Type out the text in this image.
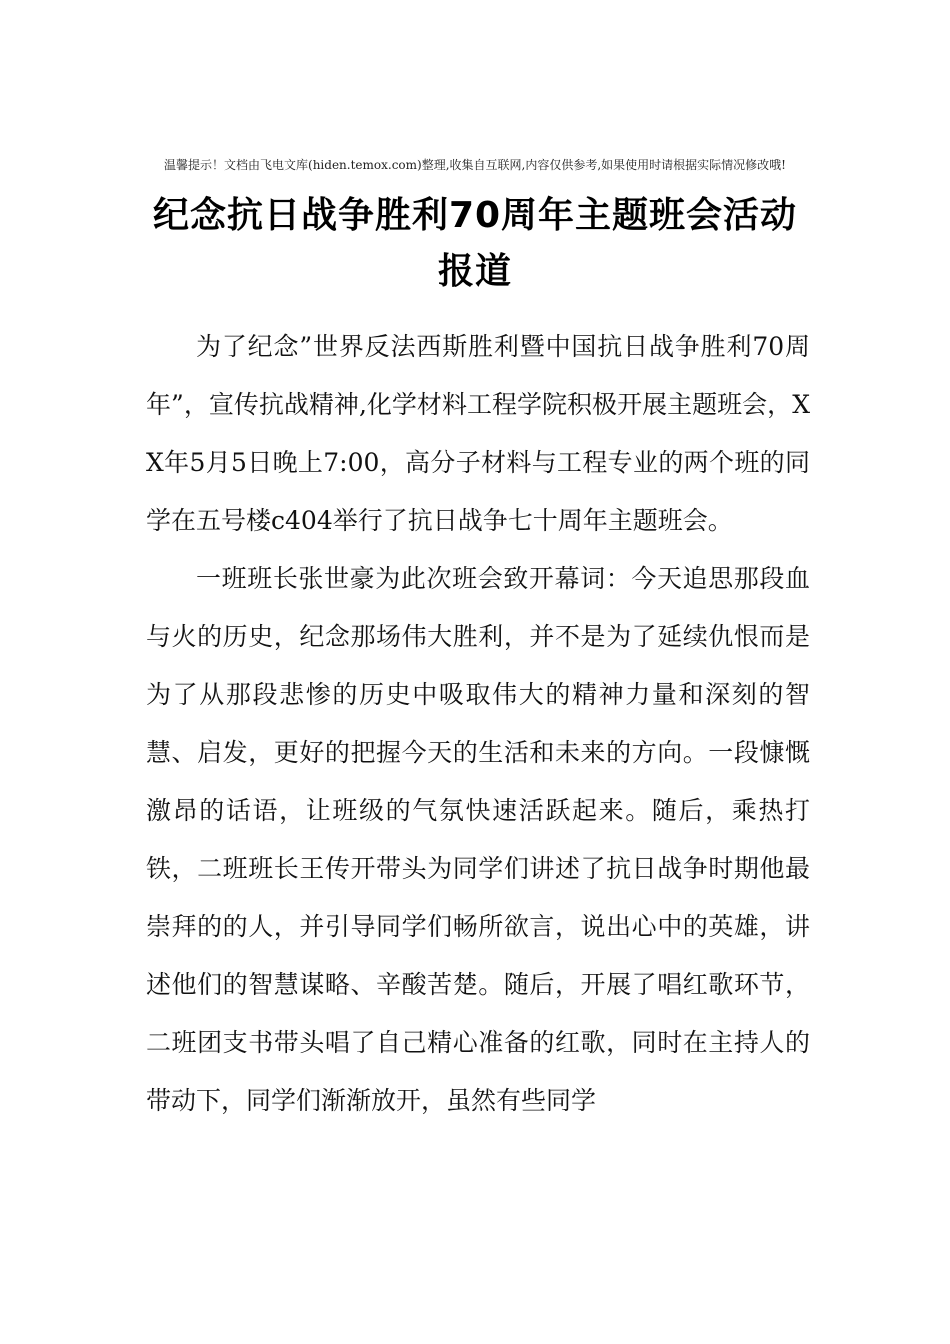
温馨提示！文档由飞电文库(hiden.temox.com)整理,收集自互联网,内容仅供参考,如果使用时请根据实际情况修改哦!
纪念抗日战争胜利70周年主题班会活动报道

为了纪念”世界反法西斯胜利暨中国抗日战争胜利70周年”，宣传抗战精神,化学材料工程学院积极开展主题班会，XX年5月5日晚上7:00，高分子材料与工程专业的两个班的同学在五号楼c404举行了抗日战争七十周年主题班会。

一班班长张世豪为此次班会致开幕词：今天追思那段血与火的历史，纪念那场伟大胜利，并不是为了延续仇恨而是为了从那段悲惨的历史中吸取伟大的精神力量和深刻的智慧、启发，更好的把握今天的生活和未来的方向。一段慷慨激昂的话语，让班级的气氛快速活跃起来。随后，乘热打铁，二班班长王传开带头为同学们讲述了抗日战争时期他最崇拜的的人，并引导同学们畅所欲言，说出心中的英雄，讲述他们的智慧谋略、辛酸苦楚。随后，开展了唱红歌环节，二班团支书带头唱了自己精心准备的红歌，同时在主持人的带动下，同学们渐渐放开，虽然有些同学
